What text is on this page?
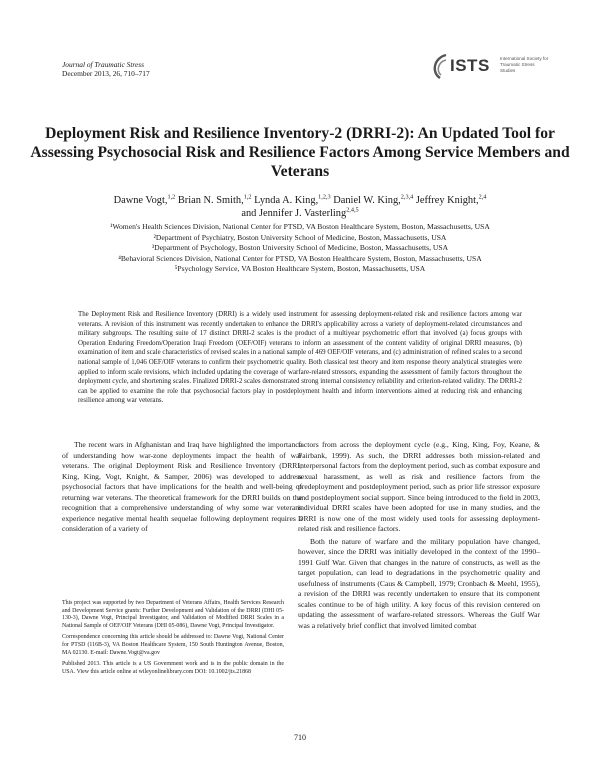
Journal of Traumatic Stress
December 2013, 26, 710–717	ISTS International Society for Traumatic Stress Studies
Deployment Risk and Resilience Inventory-2 (DRRI-2): An Updated Tool for Assessing Psychosocial Risk and Resilience Factors Among Service Members and Veterans
Dawne Vogt,$^{1,2}$ Brian N. Smith,$^{1,2}$ Lynda A. King,$^{1,2,3}$ Daniel W. King,$^{2,3,4}$ Jeffrey Knight,$^{2,4}$
and Jennifer J. Vasterling$^{2,4,5}$
¹Women's Health Sciences Division, National Center for PTSD, VA Boston Healthcare System, Boston, Massachusetts, USA
²Department of Psychiatry, Boston University School of Medicine, Boston, Massachusetts, USA
³Department of Psychology, Boston University School of Medicine, Boston, Massachusetts, USA
⁴Behavioral Sciences Division, National Center for PTSD, VA Boston Healthcare System, Boston, Massachusetts, USA
⁵Psychology Service, VA Boston Healthcare System, Boston, Massachusetts, USA
The Deployment Risk and Resilience Inventory (DRRI) is a widely used instrument for assessing deployment-related risk and resilience factors among war veterans. A revision of this instrument was recently undertaken to enhance the DRRI's applicability across a variety of deployment-related circumstances and military subgroups. The resulting suite of 17 distinct DRRI-2 scales is the product of a multiyear psychometric effort that involved (a) focus groups with Operation Enduring Freedom/Operation Iraqi Freedom (OEF/OIF) veterans to inform an assessment of the content validity of original DRRI measures, (b) examination of item and scale characteristics of revised scales in a national sample of 469 OEF/OIF veterans, and (c) administration of refined scales to a second national sample of 1,046 OEF/OIF veterans to confirm their psychometric quality. Both classical test theory and item response theory analytical strategies were applied to inform scale revisions, which included updating the coverage of warfare-related stressors, expanding the assessment of family factors throughout the deployment cycle, and shortening scales. Finalized DRRI-2 scales demonstrated strong internal consistency reliability and criterion-related validity. The DRRI-2 can be applied to examine the role that psychosocial factors play in postdeployment health and inform interventions aimed at reducing risk and enhancing resilience among war veterans.

The recent wars in Afghanistan and Iraq have highlighted the importance of understanding how war-zone deployments impact the health of war veterans. The original Deployment Risk and Resilience Inventory (DRRI; King, King, Vogt, Knight, & Samper, 2006) was developed to address psychosocial factors that have implications for the health and well-being of returning war veterans. The theoretical framework for the DRRI builds on the recognition that a comprehensive understanding of why some war veterans experience negative mental health sequelae following deployment requires a consideration of a variety of

factors from across the deployment cycle (e.g., King, King, Foy, Keane, & Fairbank, 1999). As such, the DRRI addresses both mission-related and interpersonal factors from the deployment period, such as combat exposure and sexual harassment, as well as risk and resilience factors from the predeployment and postdeployment period, such as prior life stressor exposure and postdeployment social support. Since being introduced to the field in 2003, individual DRRI scales have been adopted for use in many studies, and the DRRI is now one of the most widely used tools for assessing deployment-related risk and resilience factors.

Both the nature of warfare and the military population have changed, however, since the DRRI was initially developed in the context of the 1990–1991 Gulf War. Given that changes in the nature of constructs, as well as the target population, can lead to degradations in the psychometric quality and usefulness of instruments (Caus & Campbell, 1979; Cronbach & Meehl, 1955), a revision of the DRRI was recently undertaken to ensure that its component scales continue to be of high utility. A key focus of this revision centered on updating the assessment of warfare-related stressors. Whereas the Gulf War was a relatively brief conflict that involved limited combat

This project was supported by two Department of Veterans Affairs, Health Services Research and Development Service grants: Further Development and Validation of the DRRI (DHI 05-130-3), Dawne Vogt, Principal Investigator, and Validation of Modified DRRI Scales in a National Sample of OEF/OIF Veterans (DHI 05-086), Dawne Vogt, Principal Investigator.

Correspondence concerning this article should be addressed to: Dawne Vogt, National Center for PTSD (116B-3), VA Boston Healthcare System, 150 South Huntington Avenue, Boston, MA 02130. E-mail: Dawne.Vogt@va.gov

Published 2013. This article is a US Government work and is in the public domain in the USA. View this article online at wileyonlinelibrary.com DOI: 10.1002/jts.21868

710
